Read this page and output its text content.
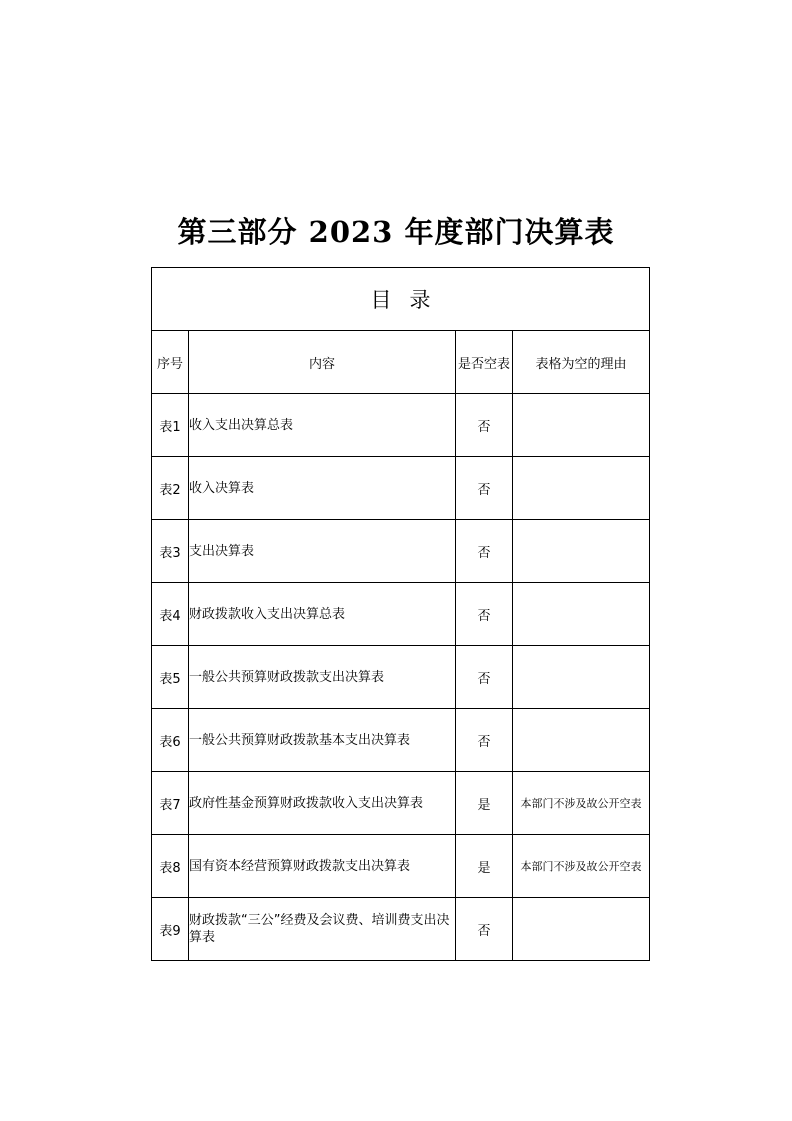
第三部分 2023 年度部门决算表
目录			
序号	内容	是否空表	表格为空的理由
表1	收入支出决算总表	否	
表2	收入决算表	否	
表3	支出决算表	否	
表4	财政拨款收入支出决算总表	否	
表5	一般公共预算财政拨款支出决算表	否	
表6	一般公共预算财政拨款基本支出决算表	否	
表7	政府性基金预算财政拨款收入支出决算表	是	本部门不涉及故公开空表
表8	国有资本经营预算财政拨款支出决算表	是	本部门不涉及故公开空表
表9	财政拨款“三公”经费及会议费、培训费支出决算表	否	
